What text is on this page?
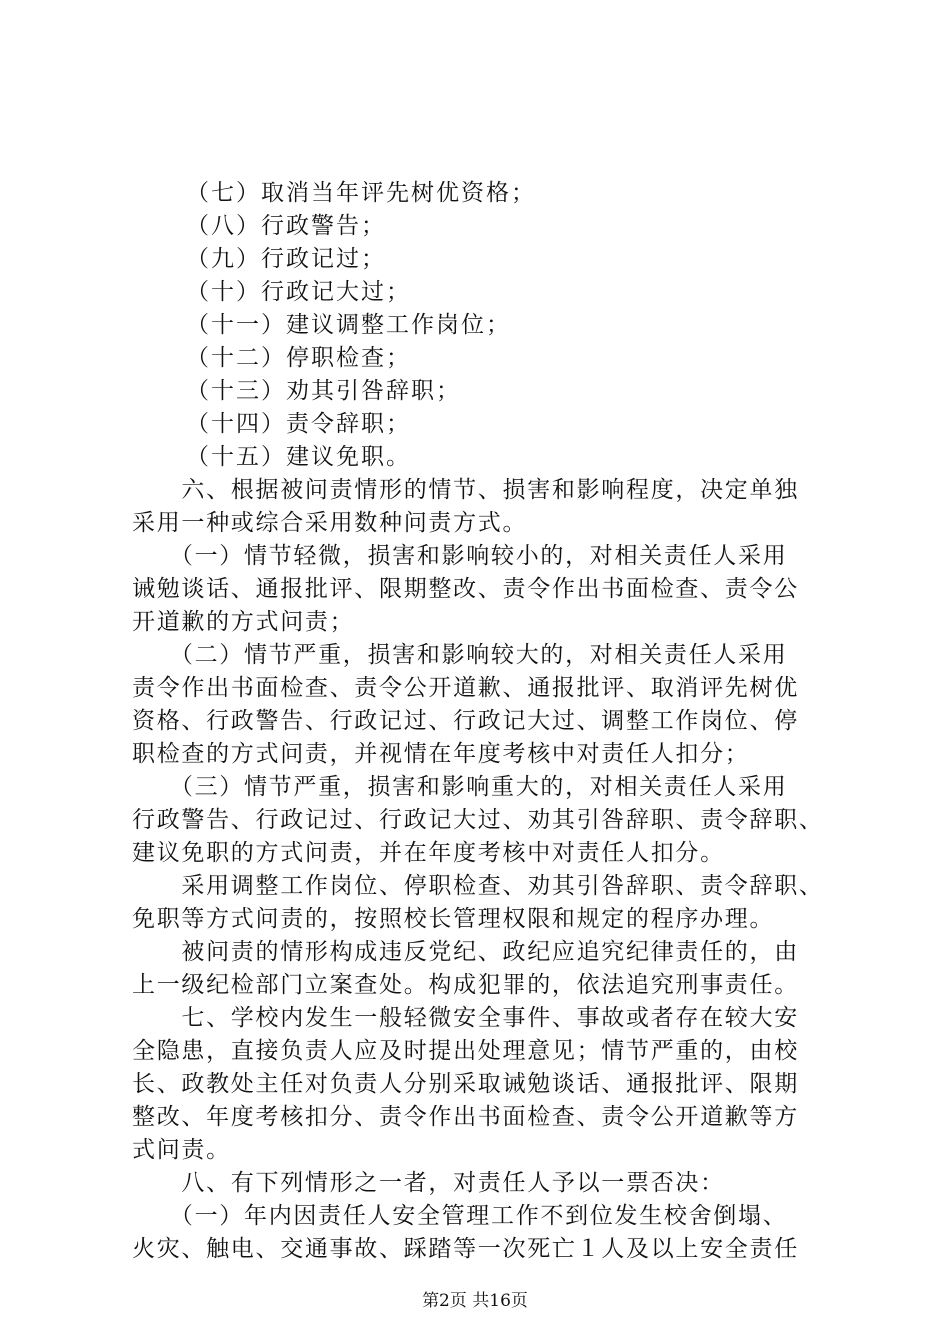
（七）取消当年评先树优资格；
（八）行政警告；
（九）行政记过；
（十）行政记大过；
（十一）建议调整工作岗位；
（十二）停职检查；
（十三）劝其引咎辞职；
（十四）责令辞职；
（十五）建议免职。
　　六、根据被问责情形的情节、损害和影响程度，决定单独
采用一种或综合采用数种问责方式。
　　（一）情节轻微，损害和影响较小的，对相关责任人采用
诫勉谈话、通报批评、限期整改、责令作出书面检查、责令公
开道歉的方式问责；
　　（二）情节严重，损害和影响较大的，对相关责任人采用
责令作出书面检查、责令公开道歉、通报批评、取消评先树优
资格、行政警告、行政记过、行政记大过、调整工作岗位、停
职检查的方式问责，并视情在年度考核中对责任人扣分；
　　（三）情节严重，损害和影响重大的，对相关责任人采用
行政警告、行政记过、行政记大过、劝其引咎辞职、责令辞职、
建议免职的方式问责，并在年度考核中对责任人扣分。
　　采用调整工作岗位、停职检查、劝其引咎辞职、责令辞职、
免职等方式问责的，按照校长管理权限和规定的程序办理。
　　被问责的情形构成违反党纪、政纪应追究纪律责任的，由
上一级纪检部门立案查处。构成犯罪的，依法追究刑事责任。
　　七、学校内发生一般轻微安全事件、事故或者存在较大安
全隐患，直接负责人应及时提出处理意见；情节严重的，由校
长、政教处主任对负责人分别采取诫勉谈话、通报批评、限期
整改、年度考核扣分、责令作出书面检查、责令公开道歉等方
式问责。
　　八、有下列情形之一者，对责任人予以一票否决：
　　（一）年内因责任人安全管理工作不到位发生校舍倒塌、
火灾、触电、交通事故、踩踏等一次死亡１人及以上安全责任
第2页 共16页
